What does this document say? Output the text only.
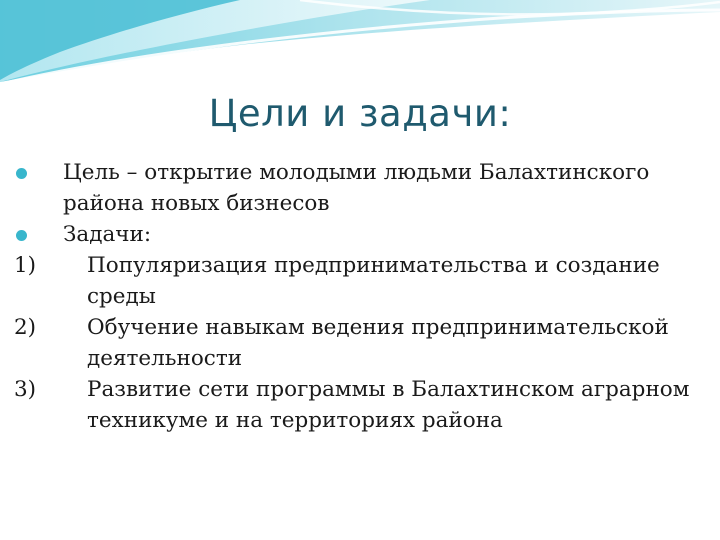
Цели и задачи:
Цель – открытие молодыми людьми Балахтинского района новых бизнесов
Задачи:
1)	Популяризация предпринимательства и создание среды
2)	Обучение навыкам ведения предпринимательской деятельности
3)	Развитие сети программы в Балахтинском аграрном техникуме и на территориях района
